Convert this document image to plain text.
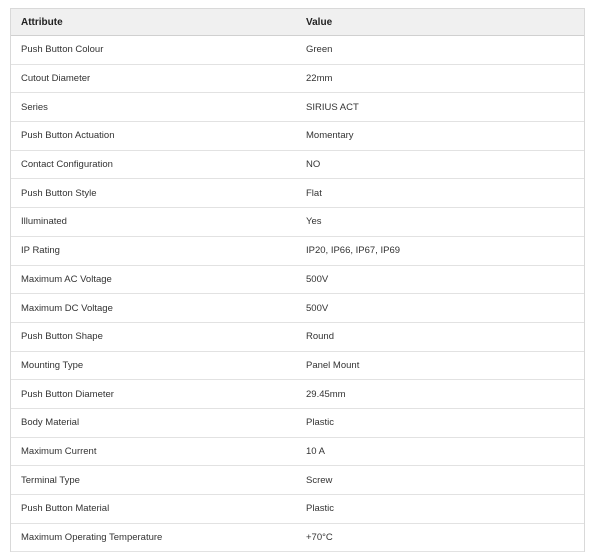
Attribute	Value
Push Button Colour	Green
Cutout Diameter	22mm
Series	SIRIUS ACT
Push Button Actuation	Momentary
Contact Configuration	NO
Push Button Style	Flat
Illuminated	Yes
IP Rating	IP20, IP66, IP67, IP69
Maximum AC Voltage	500V
Maximum DC Voltage	500V
Push Button Shape	Round
Mounting Type	Panel Mount
Push Button Diameter	29.45mm
Body Material	Plastic
Maximum Current	10 A
Terminal Type	Screw
Push Button Material	Plastic
Maximum Operating Temperature	+70°C
